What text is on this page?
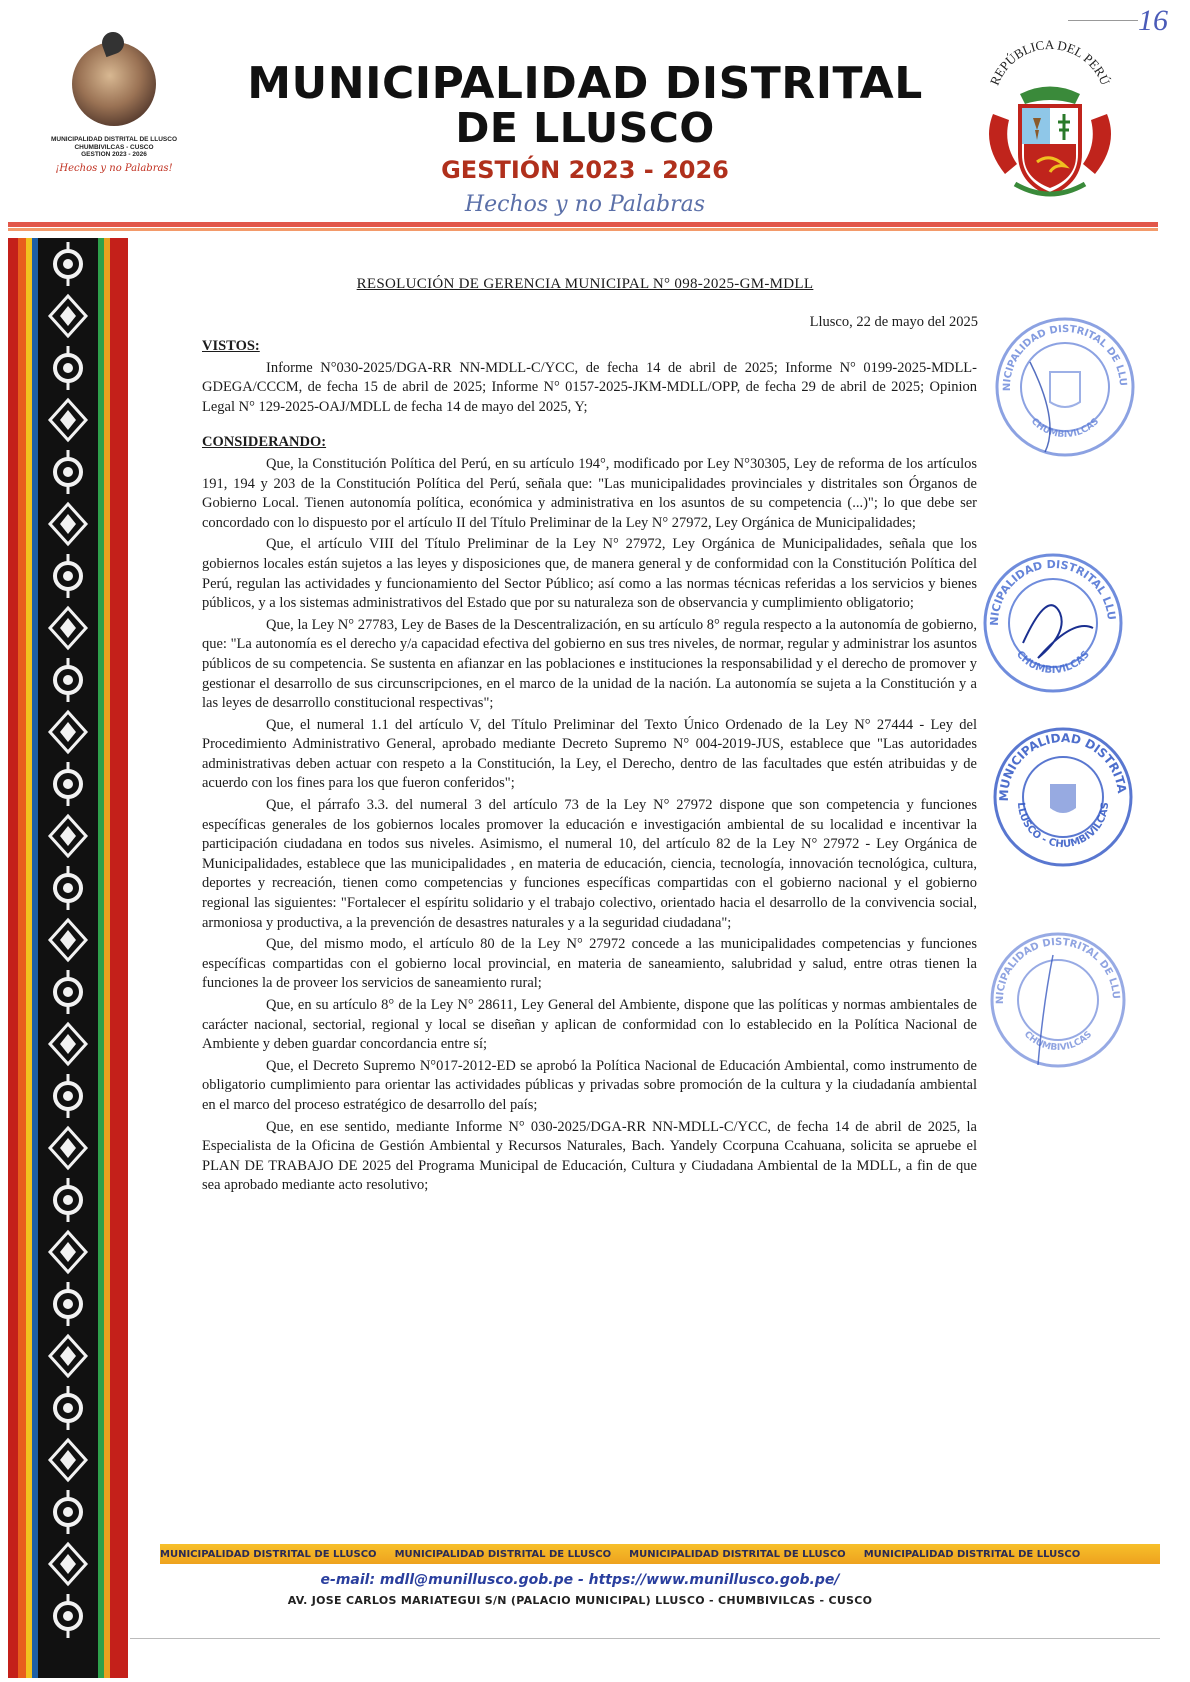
16
MUNICIPALIDAD DISTRITAL DE LLUSCO
CHUMBIVILCAS - CUSCO
GESTION 2023 - 2026
¡Hechos y no Palabras!
MUNICIPALIDAD DISTRITAL
DE LLUSCO
GESTIÓN 2023 - 2026
Hechos y no Palabras
REPÚBLICA DEL PERÚ
RESOLUCIÓN DE GERENCIA MUNICIPAL N° 098-2025-GM-MDLL
Llusco, 22 de mayo del 2025

VISTOS:

Informe N°030-2025/DGA-RR NN-MDLL-C/YCC, de fecha 14 de abril de 2025; Informe N° 0199-2025-MDLL-GDEGA/CCCM, de fecha 15 de abril de 2025; Informe N° 0157-2025-JKM-MDLL/OPP, de fecha 29 de abril de 2025; Opinion Legal N° 129-2025-OAJ/MDLL de fecha 14 de mayo del 2025, Y;

CONSIDERANDO:

Que, la Constitución Política del Perú, en su artículo 194°, modificado por Ley N°30305, Ley de reforma de los artículos 191, 194 y 203 de la Constitución Política del Perú, señala que: "Las municipalidades provinciales y distritales son Órganos de Gobierno Local. Tienen autonomía política, económica y administrativa en los asuntos de su competencia (...)"; lo que debe ser concordado con lo dispuesto por el artículo II del Título Preliminar de la Ley N° 27972, Ley Orgánica de Municipalidades;

Que, el artículo VIII del Título Preliminar de la Ley N° 27972, Ley Orgánica de Municipalidades, señala que los gobiernos locales están sujetos a las leyes y disposiciones que, de manera general y de conformidad con la Constitución Política del Perú, regulan las actividades y funcionamiento del Sector Público; así como a las normas técnicas referidas a los servicios y bienes públicos, y a los sistemas administrativos del Estado que por su naturaleza son de observancia y cumplimiento obligatorio;

Que, la Ley N° 27783, Ley de Bases de la Descentralización, en su artículo 8° regula respecto a la autonomía de gobierno, que: "La autonomía es el derecho y/a capacidad efectiva del gobierno en sus tres niveles, de normar, regular y administrar los asuntos públicos de su competencia. Se sustenta en afianzar en las poblaciones e instituciones la responsabilidad y el derecho de promover y gestionar el desarrollo de sus circunscripciones, en el marco de la unidad de la nación. La autonomía se sujeta a la Constitución y a las leyes de desarrollo constitucional respectivas";

Que, el numeral 1.1 del artículo V, del Título Preliminar del Texto Único Ordenado de la Ley N° 27444 - Ley del Procedimiento Administrativo General, aprobado mediante Decreto Supremo N° 004-2019-JUS, establece que "Las autoridades administrativas deben actuar con respeto a la Constitución, la Ley, el Derecho, dentro de las facultades que estén atribuidas y de acuerdo con los fines para los que fueron conferidos";

Que, el párrafo 3.3. del numeral 3 del artículo 73 de la Ley N° 27972 dispone que son competencia y funciones específicas generales de los gobiernos locales promover la educación e investigación ambiental de su localidad e incentivar la participación ciudadana en todos sus niveles. Asimismo, el numeral 10, del artículo 82 de la Ley N° 27972 - Ley Orgánica de Municipalidades, establece que las municipalidades , en materia de educación, ciencia, tecnología, innovación tecnológica, cultura, deportes y recreación, tienen como competencias y funciones específicas compartidas con el gobierno nacional y el gobierno regional las siguientes: "Fortalecer el espíritu solidario y el trabajo colectivo, orientado hacia el desarrollo de la convivencia social, armoniosa y productiva, a la prevención de desastres naturales y a la seguridad ciudadana";

Que, del mismo modo, el artículo 80 de la Ley N° 27972 concede a las municipalidades competencias y funciones específicas compartidas con el gobierno local provincial, en materia de saneamiento, salubridad y salud, entre otras tienen la funciones la de proveer los servicios de saneamiento rural;

Que, en su artículo 8° de la Ley N° 28611, Ley General del Ambiente, dispone que las políticas y normas ambientales de carácter nacional, sectorial, regional y local se diseñan y aplican de conformidad con lo establecido en la Política Nacional de Ambiente y deben guardar concordancia entre sí;

Que, el Decreto Supremo N°017-2012-ED se aprobó la Política Nacional de Educación Ambiental, como instrumento de obligatorio cumplimiento para orientar las actividades públicas y privadas sobre promoción de la cultura y la ciudadanía ambiental en el marco del proceso estratégico de desarrollo del país;

Que, en ese sentido, mediante Informe N° 030-2025/DGA-RR NN-MDLL-C/YCC, de fecha 14 de abril de 2025, la Especialista de la Oficina de Gestión Ambiental y Recursos Naturales, Bach. Yandely Ccorpuna Ccahuana, solicita se apruebe el PLAN DE TRABAJO DE 2025 del Programa Municipal de Educación, Cultura y Ciudadana Ambiental de la MDLL, a fin de que sea aprobado mediante acto resolutivo;

NICIPALIDAD DISTRITAL DE LLU
CHUMBIVILCAS
NICIPALIDAD DISTRITAL LLU
CHUMBIVILCAS
MUNICIPALIDAD DISTRITA
LLUSCO - CHUMBIVILCAS
NICIPALIDAD DISTRITAL DE LLU
CHUMBIVILCAS
MUNICIPALIDAD DISTRITAL DE LLUSCO MUNICIPALIDAD DISTRITAL DE LLUSCO MUNICIPALIDAD DISTRITAL DE LLUSCO MUNICIPALIDAD DISTRITAL DE LLUSCO
e-mail: mdll@munillusco.gob.pe - https://www.munillusco.gob.pe/
AV. JOSE CARLOS MARIATEGUI S/N (PALACIO MUNICIPAL) LLUSCO - CHUMBIVILCAS - CUSCO
